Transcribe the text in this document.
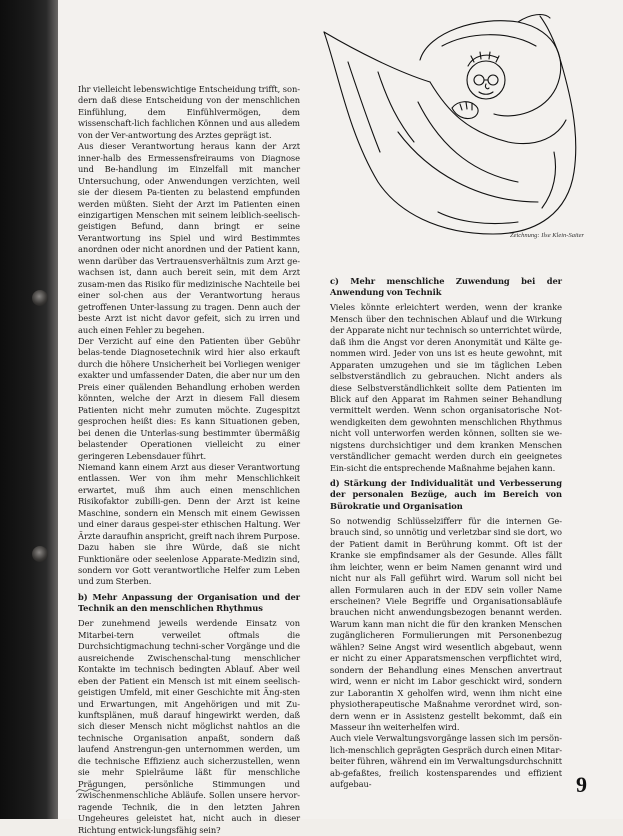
Zeichnung: Ilse Klein-Saiter

Ihr vielleicht lebenswichtige Entscheidung trifft, son-dern daß diese Entscheidung von der menschlichen Einfühlung, dem Einfühlvermögen, dem wissenschaft-lich fachlichen Können und aus alledem von der Ver-antwortung des Arztes geprägt ist.

Aus dieser Verantwortung heraus kann der Arzt inner-halb des Ermessensfreiraums von Diagnose und Be-handlung im Einzelfall mit mancher Untersuchung, oder Anwendungen verzichten, weil sie der diesem Pa-tienten zu belastend empfunden werden müßten. Sieht der Arzt im Patienten einen einzigartigen Menschen mit seinem leiblich-seelisch-geistigen Befund, dann bringt er seine Verantwortung ins Spiel und wird Bestimmtes anordnen oder nicht anordnen und der Patient kann, wenn darüber das Vertrauensverhältnis zum Arzt ge-wachsen ist, dann auch bereit sein, mit dem Arzt zusam-men das Risiko für medizinische Nachteile bei einer sol-chen aus der Verantwortung heraus getroffenen Unter-lassung zu tragen. Denn auch der beste Arzt ist nicht davor gefeit, sich zu irren und auch einen Fehler zu begehen.

Der Verzicht auf eine den Patienten über Gebühr belas-tende Diagnosetechnik wird hier also erkauft durch die höhere Unsicherheit bei Vorliegen weniger exakter und umfassender Daten, die aber nur um den Preis einer quälenden Behandlung erhoben werden könnten, welche der Arzt in diesem Fall diesem Patienten nicht mehr zumuten möchte. Zugespitzt gesprochen heißt dies: Es kann Situationen geben, bei denen die Unterlas-sung bestimmter übermäßig belastender Operationen vielleicht zu einer geringeren Lebensdauer führt.

Niemand kann einem Arzt aus dieser Verantwortung entlassen. Wer von ihm mehr Menschlichkeit erwartet, muß ihm auch einen menschlichen Risikofaktor zubilli-gen. Denn der Arzt ist keine Maschine, sondern ein Mensch mit einem Gewissen und einer daraus gespei-ster ethischen Haltung. Wer Ärzte daraufhin anspricht, greift nach ihrem Purpose. Dazu haben sie ihre Würde, daß sie nicht Funktionäre oder seelenlose Apparate-Medizin sind, sondern vor Gott verantwortliche Helfer zum Leben und zum Sterben.

b) Mehr Anpassung der Organisation und der Technik an den menschlichen Rhythmus

Der zunehmend jeweils werdende Einsatz von Mitarbei-tern verweilet oftmals die Durchsichtigmachung techni-scher Vorgänge und die ausreichende Zwischenschal-tung menschlicher Kontakte im technisch bedingten Ablauf. Aber weil eben der Patient ein Mensch ist mit einem seelisch-geistigen Umfeld, mit einer Geschichte mit Äng-sten und Erwartungen, mit Angehörigen und mit Zu-kunftsplänen, muß darauf hingewirkt werden, daß sich dieser Mensch nicht möglichst nahtlos an die technische Organisation anpaßt, sondern daß laufend Anstrengun-gen unternommen werden, um die technische Effizienz auch sicherzustellen, wenn sie mehr Spielräume läßt für menschliche Prägungen, persönliche Stimmungen und zwischenmenschliche Abläufe. Sollen unsere hervor-ragende Technik, die in den letzten Jahren Ungeheures geleistet hat, nicht auch in dieser Richtung entwick-lungsfähig sein?

c) Mehr menschliche Zuwendung bei der Anwendung von Technik

Vieles könnte erleichtert werden, wenn der kranke Mensch über den technischen Ablauf und die Wirkung der Apparate nicht nur technisch so unterrichtet würde, daß ihm die Angst vor deren Anonymität und Kälte ge-nommen wird. Jeder von uns ist es heute gewohnt, mit Apparaten umzugehen und sie im täglichen Leben selbstverständlich zu gebrauchen. Nicht anders als diese Selbstverständlichkeit sollte dem Patienten im Blick auf den Apparat im Rahmen seiner Behandlung vermittelt werden. Wenn schon organisatorische Not-wendigkeiten dem gewohnten menschlichen Rhythmus nicht voll unterworfen werden können, sollten sie we-nigstens durchsichtiger und dem kranken Menschen verständlicher gemacht werden durch ein geeignetes Ein-sicht die entsprechende Maßnahme bejahen kann.

d) Stärkung der Individualität und Verbesserung der personalen Bezüge, auch im Bereich von Bürokratie und Organisation

So notwendig Schlüsselzifferr für die internen Ge-brauch sind, so unnötig und verletzbar sind sie dort, wo der Patient damit in Berührung kommt. Oft ist der Kranke sie empfindsamer als der Gesunde. Alles fällt ihm leichter, wenn er beim Namen genannt wird und nicht nur als Fall geführt wird. Warum soll nicht bei allen Formularen auch in der EDV sein voller Name erscheinen? Viele Begriffe und Organisationsabläufe brauchen nicht anwendungsbezogen benannt werden. Warum kann man nicht die für den kranken Menschen zugänglicheren Formulierungen mit Personenbezug wählen? Seine Angst wird wesentlich abgebaut, wenn er nicht zu einer Apparatsmenschen verpflichtet wird, sondern der Behandlung eines Menschen anvertraut wird, wenn er nicht im Labor geschickt wird, sondern zur Laborantin X geholfen wird, wenn ihm nicht eine physiotherapeutische Maßnahme verordnet wird, son-dern wenn er in Assistenz gestellt bekommt, daß ein Masseur ihn weiterhelfen wird.

Auch viele Verwaltungsvorgänge lassen sich im persön-lich-menschlich geprägten Gespräch durch einen Mitar-beiter führen, während ein im Verwaltungsdurchschnitt ab-gefaßtes, freilich kostensparendes und effizient aufgebau-	9
